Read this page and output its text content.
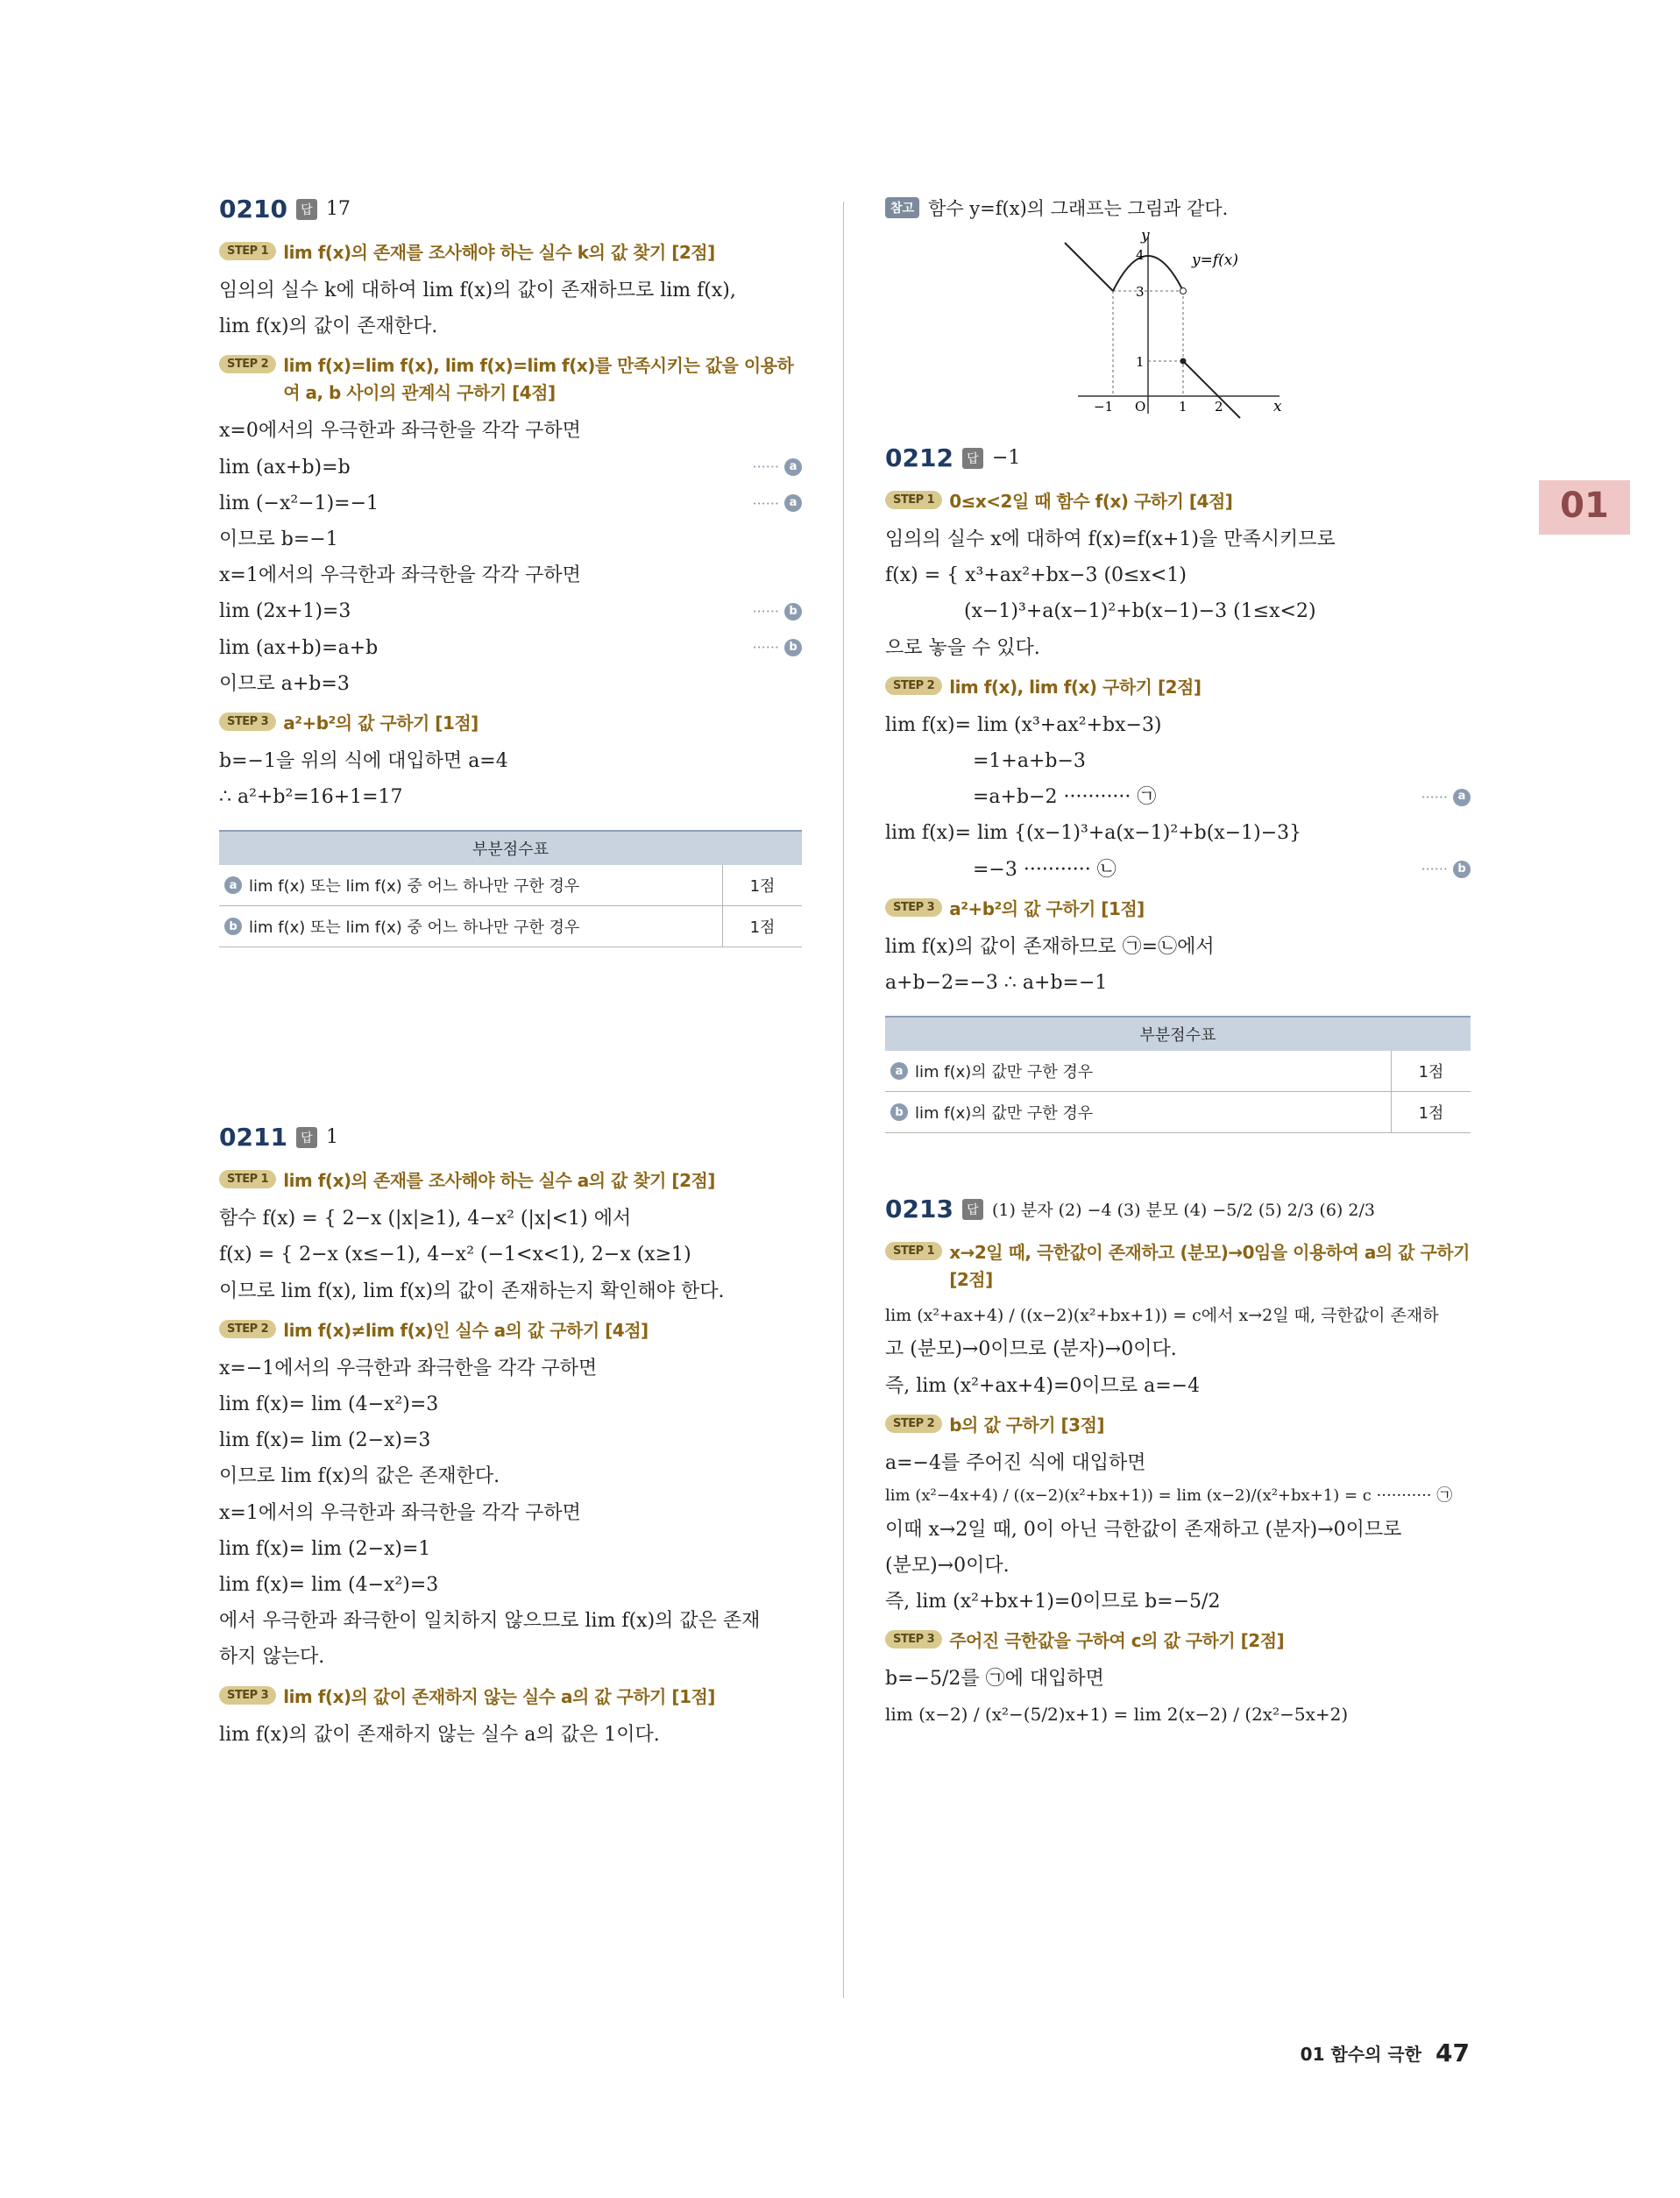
0210	답 17
STEP 1 lim f(x)의 존재를 조사해야 하는 실수 k의 값 찾기 [2점]
임의의 실수 k에 대하여 lim f(x)의 값이 존재하므로 lim f(x),
lim f(x)의 값이 존재한다.
STEP 2 lim f(x)=lim f(x), lim f(x)=lim f(x)를 만족시키는 값을 이용하여 a, b 사이의 관계식 구하기 [4점]
x=0에서의 우극한과 좌극한을 각각 구하면
lim (ax+b)=b	······ a
lim (−x²−1)=−1	······ a
이므로 b=−1
x=1에서의 우극한과 좌극한을 각각 구하면
lim (2x+1)=3	······ b
lim (ax+b)=a+b	······ b
이므로 a+b=3
STEP 3 a²+b²의 값 구하기 [1점]
b=−1을 위의 식에 대입하면 a=4
∴ a²+b²=16+1=17
부분점수표	

a lim f(x) 또는 lim f(x) 중 어느 하나만 구한 경우	1점

b lim f(x) 또는 lim f(x) 중 어느 하나만 구한 경우	1점
0211	답 1
STEP 1 lim f(x)의 존재를 조사해야 하는 실수 a의 값 찾기 [2점]
함수 f(x) = { 2−x (|x|≥1), 4−x² (|x|<1) 에서
f(x) = { 2−x (x≤−1), 4−x² (−1<x<1), 2−x (x≥1)
이므로 lim f(x), lim f(x)의 값이 존재하는지 확인해야 한다.
STEP 2 lim f(x)≠lim f(x)인 실수 a의 값 구하기 [4점]
x=−1에서의 우극한과 좌극한을 각각 구하면
lim f(x)= lim (4−x²)=3
lim f(x)= lim (2−x)=3
이므로 lim f(x)의 값은 존재한다.
x=1에서의 우극한과 좌극한을 각각 구하면
lim f(x)= lim (2−x)=1
lim f(x)= lim (4−x²)=3
에서 우극한과 좌극한이 일치하지 않으므로 lim f(x)의 값은 존재
하지 않는다.
STEP 3 lim f(x)의 값이 존재하지 않는 실수 a의 값 구하기 [1점]
lim f(x)의 값이 존재하지 않는 실수 a의 값은 1이다.
참고 함수 y=f(x)의 그래프는 그림과 같다.
x
y
y=f(x)
4
3
1
−1 O	1 2
0212	답 −1
STEP 1 0≤x<2일 때 함수 f(x) 구하기 [4점]
임의의 실수 x에 대하여 f(x)=f(x+1)을 만족시키므로
f(x) = { x³+ax²+bx−3 (0≤x<1)
(x−1)³+a(x−1)²+b(x−1)−3 (1≤x<2)
으로 놓을 수 있다.
STEP 2 lim f(x), lim f(x) 구하기 [2점]
lim f(x)= lim (x³+ax²+bx−3)
=1+a+b−3
=a+b−2 ··········· ㉠	······ a
lim f(x)= lim {(x−1)³+a(x−1)²+b(x−1)−3}
=−3 ··········· ㉡	······ b
STEP 3 a²+b²의 값 구하기 [1점]
lim f(x)의 값이 존재하므로 ㉠=㉡에서
a+b−2=−3 ∴ a+b=−1
부분점수표	

a lim f(x)의 값만 구한 경우	1점

b lim f(x)의 값만 구한 경우	1점
0213	답 (1) 분자 (2) −4 (3) 분모 (4) −5/2 (5) 2/3 (6) 2/3
STEP 1 x→2일 때, 극한값이 존재하고 (분모)→0임을 이용하여 a의 값 구하기 [2점]
lim (x²+ax+4) / ((x−2)(x²+bx+1)) = c에서 x→2일 때, 극한값이 존재하
고 (분모)→0이므로 (분자)→0이다.
즉, lim (x²+ax+4)=0이므로 a=−4
STEP 2 b의 값 구하기 [3점]
a=−4를 주어진 식에 대입하면
lim (x²−4x+4) / ((x−2)(x²+bx+1)) = lim (x−2)/(x²+bx+1) = c ··········· ㉠
이때 x→2일 때, 0이 아닌 극한값이 존재하고 (분자)→0이므로
(분모)→0이다.
즉, lim (x²+bx+1)=0이므로 b=−5/2
STEP 3 주어진 극한값을 구하여 c의 값 구하기 [2점]
b=−5/2를 ㉠에 대입하면
lim (x−2) / (x²−(5/2)x+1) = lim 2(x−2) / (2x²−5x+2)
01
01 함수의 극한 47
